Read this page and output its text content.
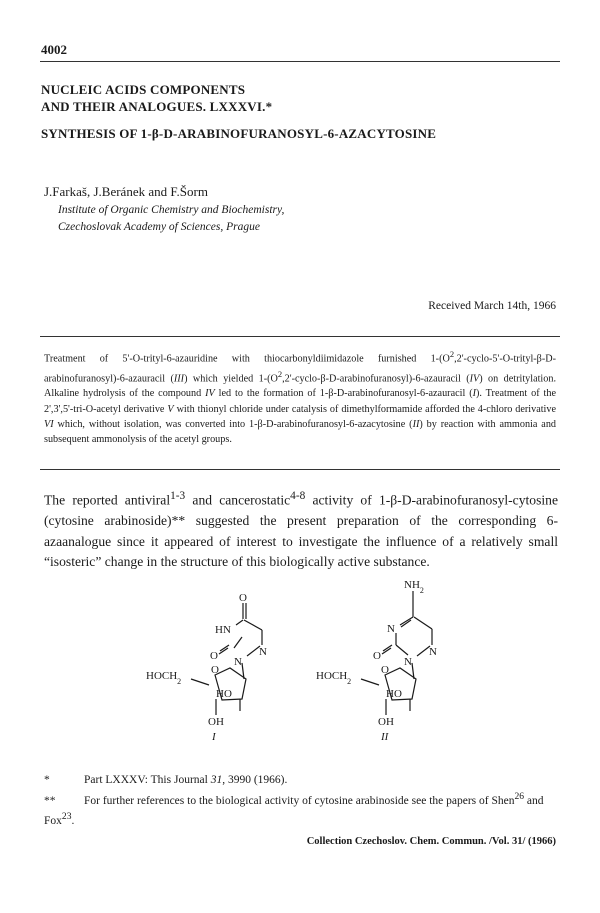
4002
NUCLEIC ACIDS COMPONENTS
AND THEIR ANALOGUES. LXXXVI.*
SYNTHESIS OF 1-β-D-ARABINOFURANOSYL-6-AZACYTOSINE
J.Farkaš, J.Beránek and F.Šorm
Institute of Organic Chemistry and Biochemistry,
Czechoslovak Academy of Sciences, Prague
Received March 14th, 1966

Treatment of 5'-O-trityl-6-azauridine with thiocarbonyldiimidazole furnished $1-(O^2,2'-cyclo-5'-O-trityl-\beta-D-arabinofuranosyl)-6$-azauracil (III) which yielded $1-(O^2,2'-cyclo-\beta-D-arabinofuranosyl)-6$-azauracil (IV) on detritylation. Alkaline hydrolysis of the compound IV led to the formation of 1-β-D-arabinofuranosyl-6-azauracil (I). Treatment of the 2',3',5'-tri-O-acetyl derivative V with thionyl chloride under catalysis of dimethylformamide afforded the 4-chloro derivative VI which, without isolation, was converted into 1-β-D-arabinofuranosyl-6-azacytosine (II) by reaction with ammonia and subsequent ammonolysis of the acetyl groups.

The reported antiviral$^{1-3}$ and cancerostatic$^{4-8}$ activity of 1-β-D-arabinofuranosyl-cytosine (cytosine arabinoside)** suggested the present preparation of the corresponding 6-azaanalogue since it appeared of interest to investigate the influence of a relatively small “isosteric” change in the structure of this biologically active substance.

O
HN
O N
N
$HOCH_2$
O
HO
OH
I
$NH_2$
N
O N
N
$HOCH_2$
O
HO
OH
II
*	Part LXXXV: This Journal 31, 3990 (1966).
** For further references to the biological activity of cytosine arabinoside see the papers of Shen$^{26}$ and Fox$^{23}$.
Collection Czechoslov. Chem. Commun. /Vol. 31/ (1966)
